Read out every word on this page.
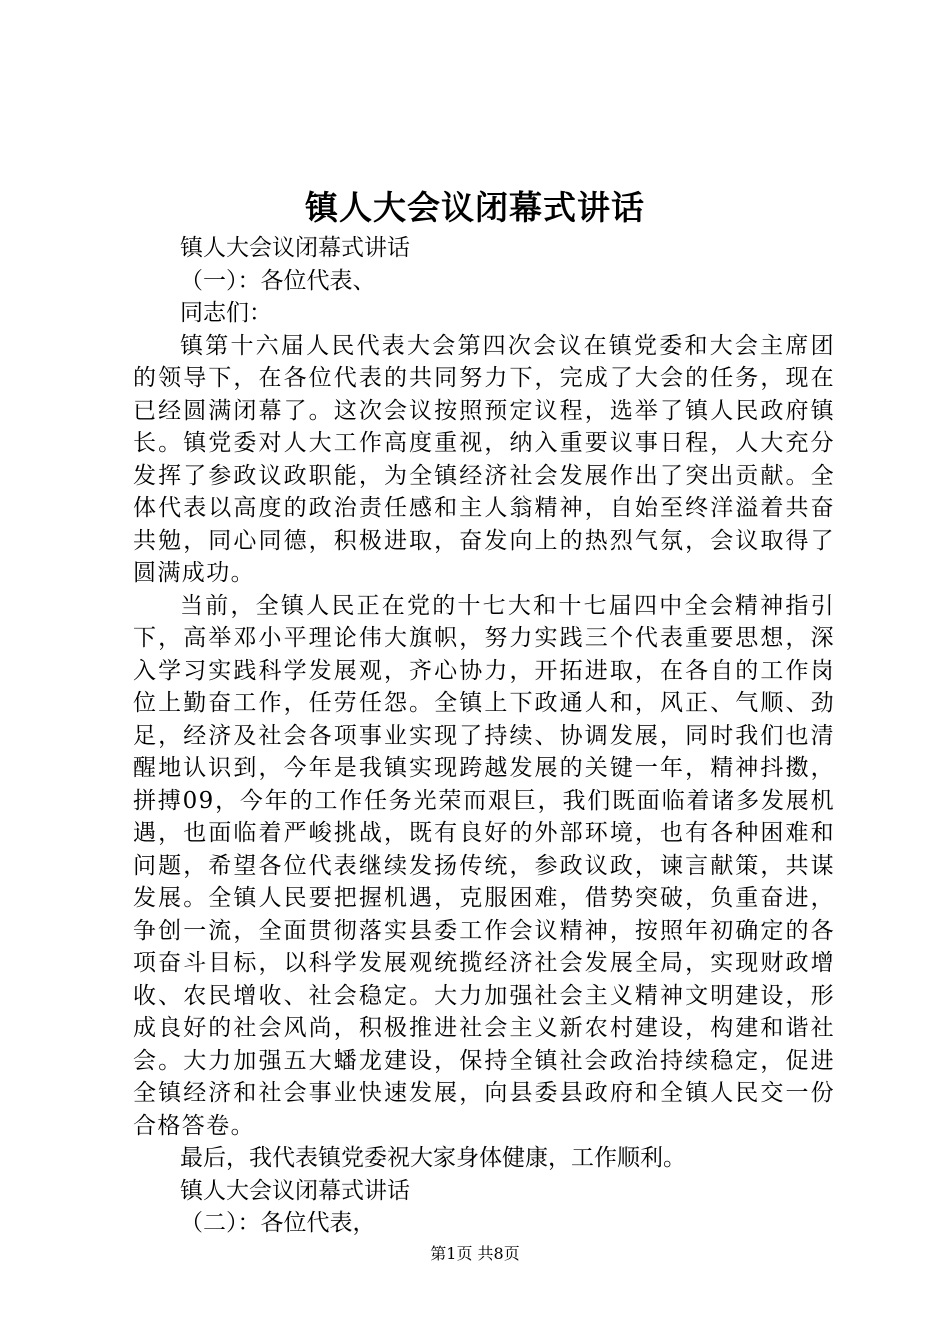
镇人大会议闭幕式讲话
镇人大会议闭幕式讲话
（一）：各位代表、
同志们：

镇第十六届人民代表大会第四次会议在镇党委和大会主席团的领导下，在各位代表的共同努力下，完成了大会的任务，现在已经圆满闭幕了。这次会议按照预定议程，选举了镇人民政府镇长。镇党委对人大工作高度重视，纳入重要议事日程，人大充分发挥了参政议政职能，为全镇经济社会发展作出了突出贡献。全体代表以高度的政治责任感和主人翁精神，自始至终洋溢着共奋共勉，同心同德，积极进取，奋发向上的热烈气氛，会议取得了圆满成功。

当前，全镇人民正在党的十七大和十七届四中全会精神指引下，高举邓小平理论伟大旗帜，努力实践三个代表重要思想，深入学习实践科学发展观，齐心协力，开拓进取，在各自的工作岗位上勤奋工作，任劳任怨。全镇上下政通人和，风正、气顺、劲足，经济及社会各项事业实现了持续、协调发展，同时我们也清醒地认识到，今年是我镇实现跨越发展的关键一年，精神抖擞，拼搏09，今年的工作任务光荣而艰巨，我们既面临着诸多发展机遇，也面临着严峻挑战，既有良好的外部环境，也有各种困难和问题，希望各位代表继续发扬传统，参政议政，谏言献策，共谋发展。全镇人民要把握机遇，克服困难，借势突破，负重奋进，争创一流，全面贯彻落实县委工作会议精神，按照年初确定的各项奋斗目标，以科学发展观统揽经济社会发展全局，实现财政增收、农民增收、社会稳定。大力加强社会主义精神文明建设，形成良好的社会风尚，积极推进社会主义新农村建设，构建和谐社会。大力加强五大蟠龙建设，保持全镇社会政治持续稳定，促进全镇经济和社会事业快速发展，向县委县政府和全镇人民交一份合格答卷。

最后，我代表镇党委祝大家身体健康，工作顺利。
镇人大会议闭幕式讲话
（二）：各位代表，
第1页 共8页
